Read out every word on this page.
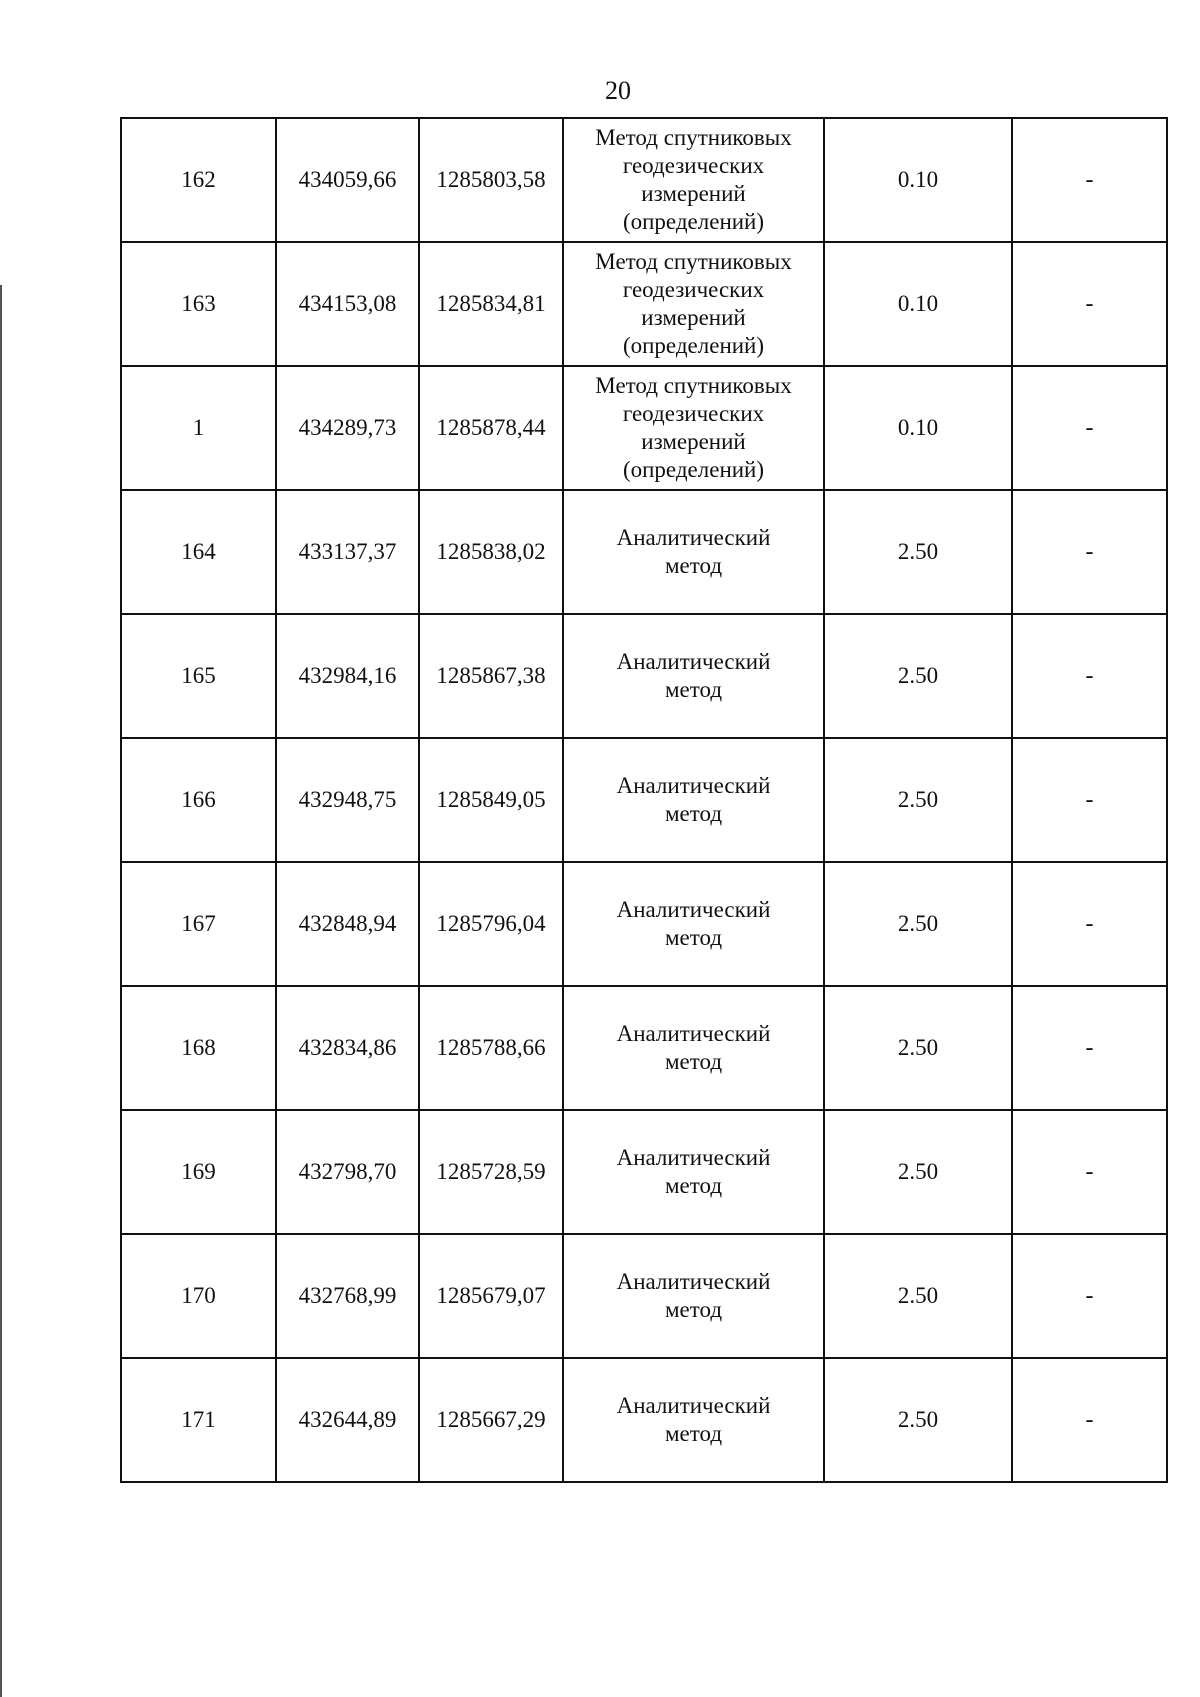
20
162	434059,66	1285803,58	Метод спутниковых
геодезических
измерений
(определений)	0.10	-
163	434153,08	1285834,81	Метод спутниковых
геодезических
измерений
(определений)	0.10	-
1	434289,73	1285878,44	Метод спутниковых
геодезических
измерений
(определений)	0.10	-
164	433137,37	1285838,02	Аналитический
метод	2.50	-
165	432984,16	1285867,38	Аналитический
метод	2.50	-
166	432948,75	1285849,05	Аналитический
метод	2.50	-
167	432848,94	1285796,04	Аналитический
метод	2.50	-
168	432834,86	1285788,66	Аналитический
метод	2.50	-
169	432798,70	1285728,59	Аналитический
метод	2.50	-
170	432768,99	1285679,07	Аналитический
метод	2.50	-
171	432644,89	1285667,29	Аналитический
метод	2.50	-
